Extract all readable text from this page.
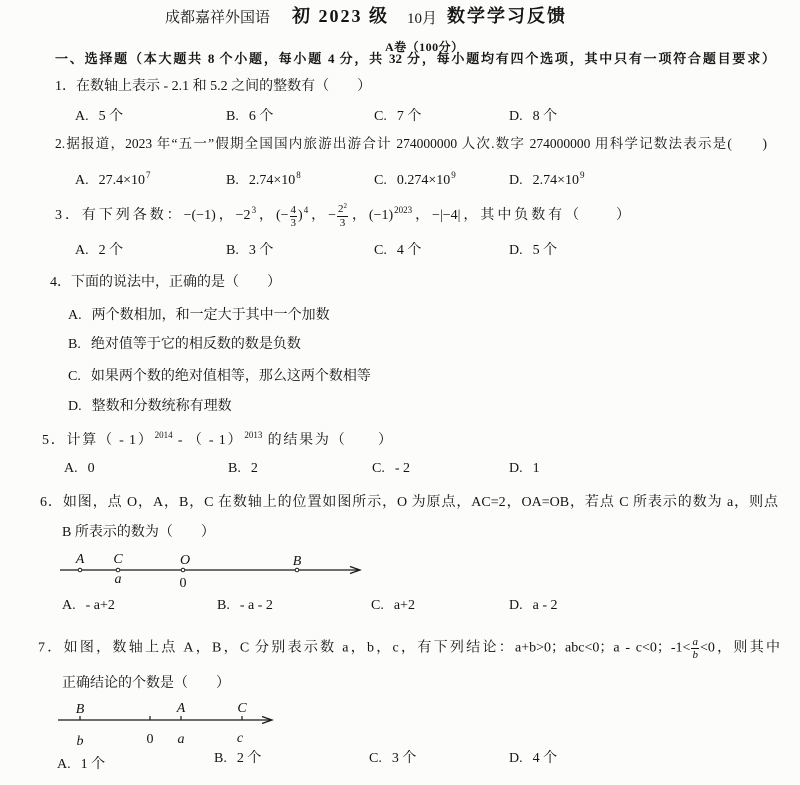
成都嘉祥外国语 初 2023 级 10月 数学学习反馈
A卷（100分）
一、选择题（本大题共 8 个小题，每小题 4 分，共 32 分，每小题均有四个选项，其中只有一项符合题目要求）
1．在数轴上表示 - 2.1 和 5.2 之间的整数有（　　）
A. 5 个	B. 6 个	C. 7 个	D. 8 个
2.据报道，2023 年“五一”假期全国国内旅游出游合计 274000000 人次.数字 274000000 用科学记数法表示是(　　)
A. $27.4\times 10^7$	B. $2.74\times 10^8$	C. $0.274\times 10^9$	D. $2.74\times 10^9$
3．有下列各数：−(−1)，$-2^3$，(− $\frac{4}{3} )^4$，− $\frac{2^2}{3}$ ，$(-1)^{2023}$，−|−4|，其中负数有（　　）
A. 2 个	B. 3 个	C. 4 个	D. 5 个
4．下面的说法中，正确的是（　　）
A. 两个数相加，和一定大于其中一个加数
B. 绝对值等于它的相反数的数是负数
C. 如果两个数的绝对值相等，那么这两个数相等
D. 整数和分数统称有理数
5．计算（ - 1）$^{2014}$ - （ - 1）$^{2013}$ 的结果为（　　）
A. 0	B. 2	C. - 2	D. 1
6．如图，点 O，A，B，C 在数轴上的位置如图所示，O 为原点，AC=2，OA=OB，若点 C 所表示的数为 a，则点
B 所表示的数为（　　）
A C	O	B
a	0
A. - a+2	B. - a - 2	C. a+2	D. a - 2
7．如图，数轴上点 A，B，C 分别表示数 a，b，c，有下列结论：a+b>0；abc<0；a - c<0；$-1< \frac{a}{b} <0$，则其中
正确结论的个数是（　　）
B	A	C
b	0 a	c
A. 1 个	B. 2 个	C. 3 个	D. 4 个
